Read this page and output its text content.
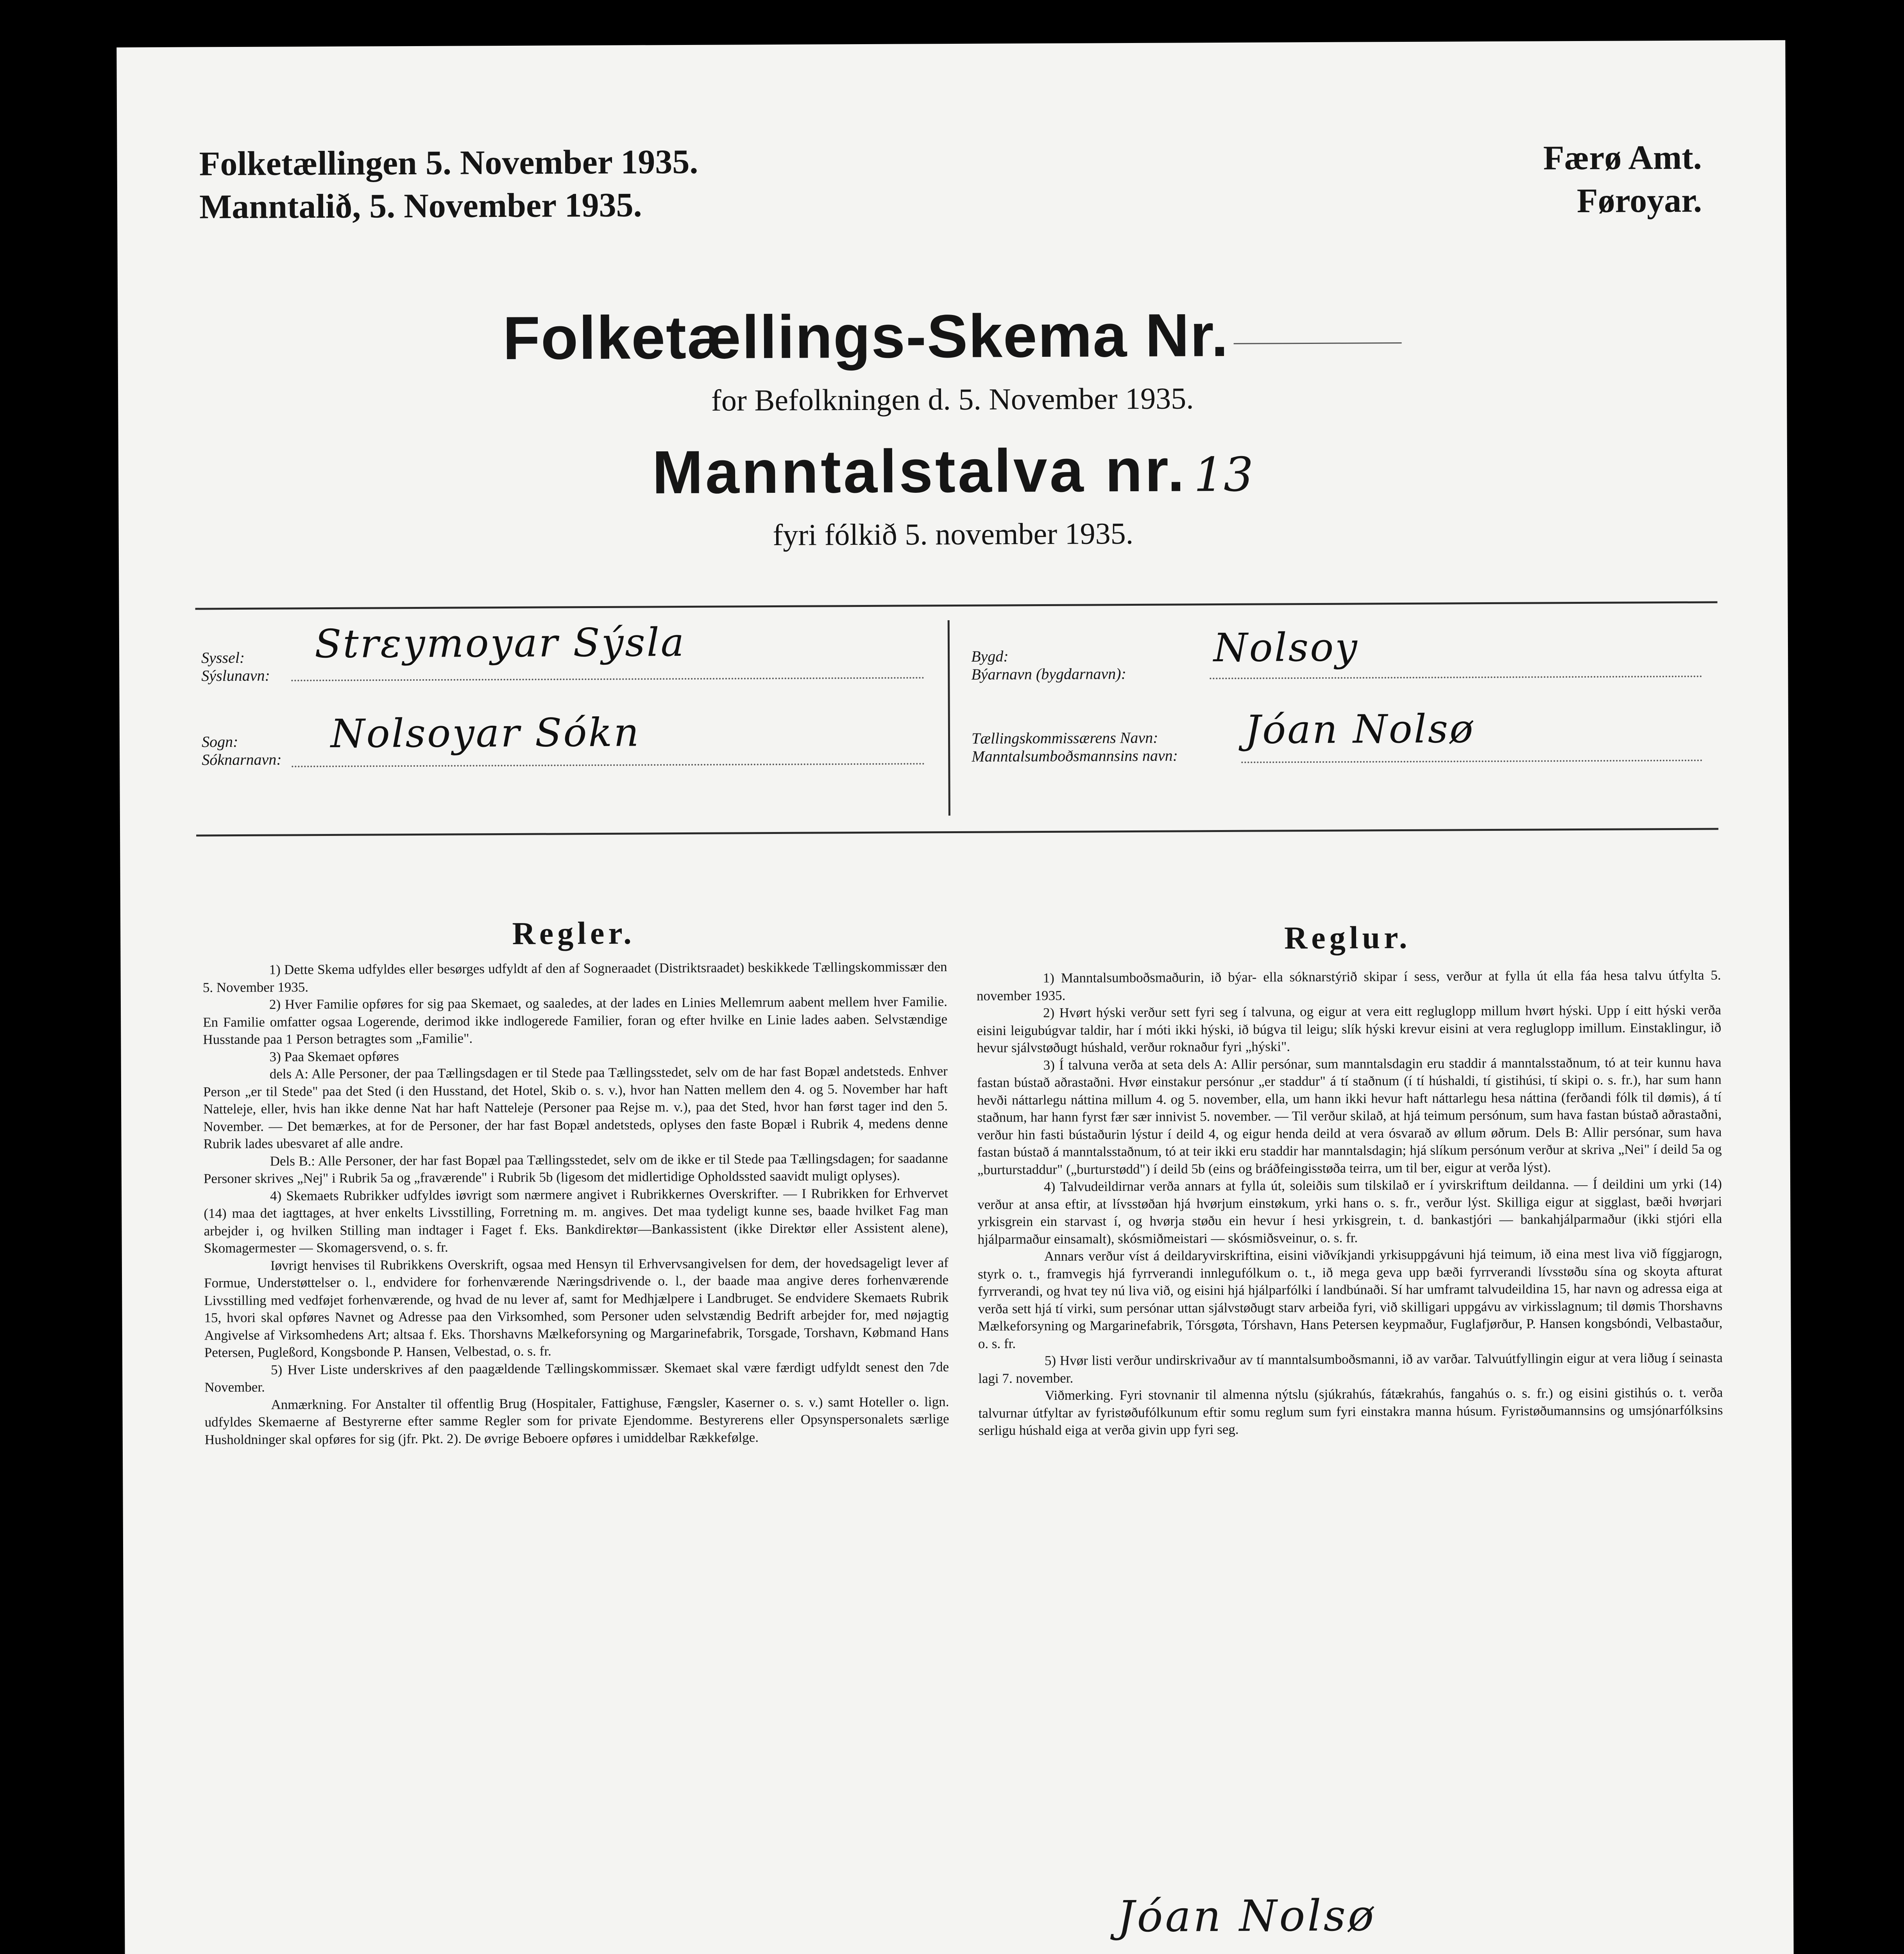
Folketællingen 5. November 1935.
Manntalið, 5. November 1935.
Færø Amt.
Føroyar.
Folketællings-Skema Nr.
for Befolkningen d. 5. November 1935.
Manntalstalva nr. 13
fyri fólkið 5. november 1935.
Syssel:
Sýslunavn:
Strεymoyar Sýsla
Sogn:
Sóknarnavn:
Nolsoyar Sókn
Bygd:
Býarnavn (bygdarnavn):
Nolsoy
Tællingskommissærens Navn:
Manntalsumboðsmannsins navn:
Jóan Nolsø
Regler.

1) Dette Skema udfyldes eller besørges udfyldt af den af Sogneraadet (Distriktsraadet) beskikkede Tællingskommissær den 5. November 1935.

2) Hver Familie opføres for sig paa Skemaet, og saaledes, at der lades en Linies Mellemrum aabent mellem hver Familie. En Familie omfatter ogsaa Logerende, derimod ikke indlogerede Familier, foran og efter hvilke en Linie lades aaben. Selvstændige Husstande paa 1 Person betragtes som „Familie".

3) Paa Skemaet opføres

dels A: Alle Personer, der paa Tællingsdagen er til Stede paa Tællingsstedet, selv om de har fast Bopæl andetsteds. Enhver Person „er til Stede" paa det Sted (i den Husstand, det Hotel, Skib o. s. v.), hvor han Natten mellem den 4. og 5. November har haft Natteleje, eller, hvis han ikke denne Nat har haft Natteleje (Personer paa Rejse m. v.), paa det Sted, hvor han først tager ind den 5. November. — Det bemærkes, at for de Personer, der har fast Bopæl andetsteds, oplyses den faste Bopæl i Rubrik 4, medens denne Rubrik lades ubesvaret af alle andre.

Dels B.: Alle Personer, der har fast Bopæl paa Tællingsstedet, selv om de ikke er til Stede paa Tællingsdagen; for saadanne Personer skrives „Nej" i Rubrik 5a og „fraværende" i Rubrik 5b (ligesom det midlertidige Opholdssted saavidt muligt oplyses).

4) Skemaets Rubrikker udfyldes iøvrigt som nærmere angivet i Rubrikkernes Overskrifter. — I Rubrikken for Erhvervet (14) maa det iagttages, at hver enkelts Livsstilling, Forretning m. m. angives. Det maa tydeligt kunne ses, baade hvilket Fag man arbejder i, og hvilken Stilling man indtager i Faget f. Eks. Bankdirektør—Bankassistent (ikke Direktør eller Assistent alene), Skomagermester — Skomagersvend, o. s. fr.

Iøvrigt henvises til Rubrikkens Overskrift, ogsaa med Hensyn til Erhvervsangivelsen for dem, der hovedsageligt lever af Formue, Understøttelser o. l., endvidere for forhenværende Næringsdrivende o. l., der baade maa angive deres forhenværende Livsstilling med vedføjet forhenværende, og hvad de nu lever af, samt for Medhjælpere i Landbruget. Se endvidere Skemaets Rubrik 15, hvori skal opføres Navnet og Adresse paa den Virksomhed, som Personer uden selvstændig Bedrift arbejder for, med nøjagtig Angivelse af Virksomhedens Art; altsaa f. Eks. Thorshavns Mælkeforsyning og Margarinefabrik, Torsgade, Torshavn, Købmand Hans Petersen, Pugleßord, Kongsbonde P. Hansen, Velbestad, o. s. fr.

5) Hver Liste underskrives af den paagældende Tællingskommissær. Skemaet skal være færdigt udfyldt senest den 7de November.

Anmærkning. For Anstalter til offentlig Brug (Hospitaler, Fattighuse, Fængsler, Kaserner o. s. v.) samt Hoteller o. lign. udfyldes Skemaerne af Bestyrerne efter samme Regler som for private Ejendomme. Bestyrerens eller Opsynspersonalets særlige Husholdninger skal opføres for sig (jfr. Pkt. 2). De øvrige Beboere opføres i umiddelbar Rækkefølge.

Reglur.

1) Manntalsumboðsmaðurin, ið býar- ella sóknarstýrið skipar í sess, verður at fylla út ella fáa hesa talvu útfylta 5. november 1935.

2) Hvørt hýski verður sett fyri seg í talvuna, og eigur at vera eitt regluglopp millum hvørt hýski. Upp í eitt hýski verða eisini leigubúgvar taldir, har í móti ikki hýski, ið búgva til leigu; slík hýski krevur eisini at vera regluglopp imillum. Einstaklingur, ið hevur sjálvstøðugt húshald, verður roknaður fyri „hýski".

3) Í talvuna verða at seta dels A: Allir persónar, sum manntalsdagin eru staddir á manntalsstaðnum, tó at teir kunnu hava fastan bústað aðrastaðni. Hvør einstakur persónur „er staddur" á tí staðnum (í tí húshaldi, tí gistihúsi, tí skipi o. s. fr.), har sum hann hevði náttarlegu náttina millum 4. og 5. november, ella, um hann ikki hevur haft náttarlegu hesa náttina (ferðandi fólk til dømis), á tí staðnum, har hann fyrst fær sær innivist 5. november. — Til verður skilað, at hjá teimum persónum, sum hava fastan bústað aðrastaðni, verður hin fasti bústaðurin lýstur í deild 4, og eigur henda deild at vera ósvarað av øllum øðrum. Dels B: Allir persónar, sum hava fastan bústað á manntalsstaðnum, tó at teir ikki eru staddir har manntalsdagin; hjá slíkum persónum verður at skriva „Nei" í deild 5a og „burturstaddur" („burturstødd") í deild 5b (eins og bráðfeingisstøða teirra, um til ber, eigur at verða lýst).

4) Talvudeildirnar verða annars at fylla út, soleiðis sum tilskilað er í yvirskriftum deildanna. — Í deildini um yrki (14) verður at ansa eftir, at lívsstøðan hjá hvørjum einstøkum, yrki hans o. s. fr., verður lýst. Skilliga eigur at sigglast, bæði hvørjari yrkisgrein ein starvast í, og hvørja støðu ein hevur í hesi yrkisgrein, t. d. bankastjóri — bankahjálparmaður (ikki stjóri ella hjálparmaður einsamalt), skósmiðmeistari — skósmiðsveinur, o. s. fr.

Annars verður víst á deildaryvirskriftina, eisini viðvíkjandi yrkisuppgávuni hjá teimum, ið eina mest liva við fíggjarogn, styrk o. t., framvegis hjá fyrrverandi innlegufólkum o. t., ið mega geva upp bæði fyrrverandi lívsstøðu sína og skoyta afturat fyrrverandi, og hvat tey nú liva við, og eisini hjá hjálparfólki í landbúnaði. Sí har umframt talvudeildina 15, har navn og adressa eiga at verða sett hjá tí virki, sum persónar uttan sjálvstøðugt starv arbeiða fyri, við skilligari uppgávu av virkisslagnum; til dømis Thorshavns Mælkeforsyning og Margarinefabrik, Tórsgøta, Tórshavn, Hans Petersen keypmaður, Fuglafjørður, P. Hansen kongsbóndi, Velbastaður, o. s. fr.

5) Hvør listi verður undirskrivaður av tí manntalsumboðsmanni, ið av varðar. Talvuútfyllingin eigur at vera liðug í seinasta lagi 7. november.

Viðmerking. Fyri stovnanir til almenna nýtslu (sjúkrahús, fátækrahús, fangahús o. s. fr.) og eisini gistihús o. t. verða talvurnar útfyltar av fyristøðufólkunum eftir somu reglum sum fyri einstakra manna húsum. Fyristøðumannsins og umsjónarfólksins serligu húshald eiga at verða givin upp fyri seg.

Jóan Nolsø
